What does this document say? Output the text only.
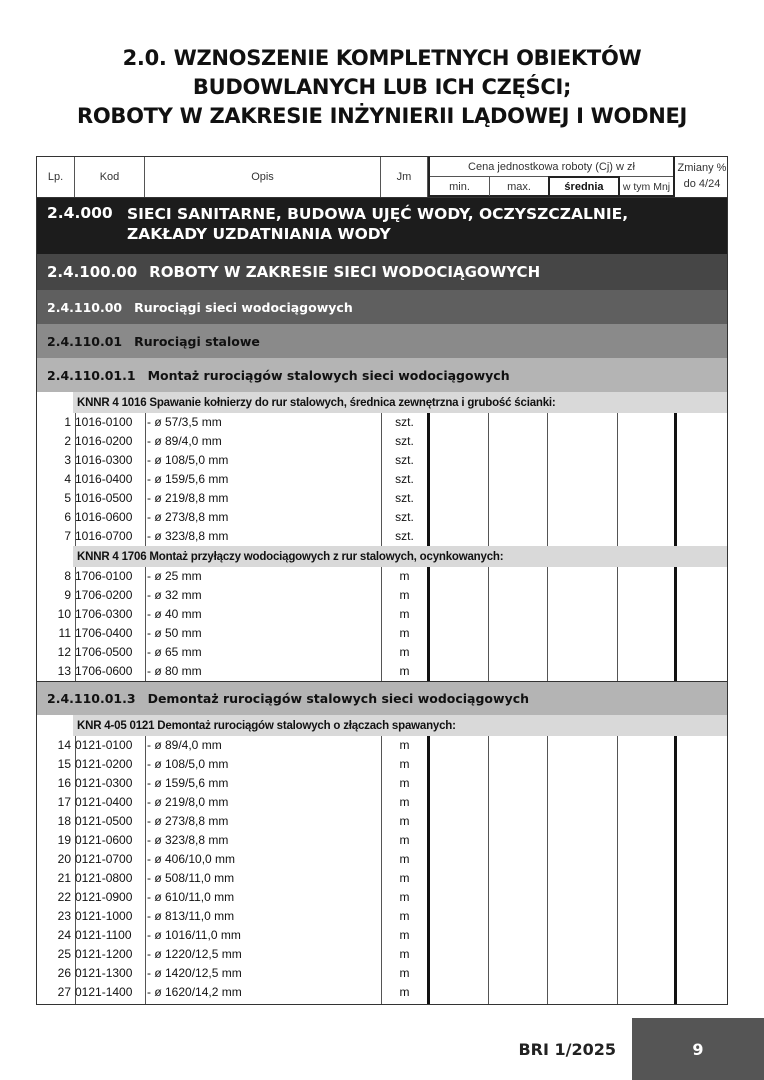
2.0. WZNOSZENIE KOMPLETNYCH OBIEKTÓW
BUDOWLANYCH LUB ICH CZĘŚCI;
ROBOTY W ZAKRESIE INŻYNIERII LĄDOWEJ I WODNEJ
Lp.	Kod	Opis	Jm
Cena jednostkowa roboty (Cj) w zł
min.	max.	średnia	w tym Mnj
Zmiany %
do 4/24
2.4.000 SIECI SANITARNE, BUDOWA UJĘĆ WODY, OCZYSZCZALNIE,
ZAKŁADY UZDATNIANIA WODY
2.4.100.00 ROBOTY W ZAKRESIE SIECI WODOCIĄGOWYCH
2.4.110.00 Rurociągi sieci wodociągowych
2.4.110.01 Rurociągi stalowe
2.4.110.01.1 Montaż rurociągów stalowych sieci wodociągowych
KNNR 4 1016 Spawanie kołnierzy do rur stalowych, średnica zewnętrzna i grubość ścianki:
1 1016-0100 - ø 57/3,5 mm	szt.
2 1016-0200 - ø 89/4,0 mm	szt.
3 1016-0300 - ø 108/5,0 mm	szt.
4 1016-0400 - ø 159/5,6 mm	szt.
5 1016-0500 - ø 219/8,8 mm	szt.
6 1016-0600 - ø 273/8,8 mm	szt.
7 1016-0700 - ø 323/8,8 mm	szt.
KNNR 4 1706 Montaż przyłączy wodociągowych z rur stalowych, ocynkowanych:
8 1706-0100 - ø 25 mm	m
9 1706-0200 - ø 32 mm	m
10 1706-0300 - ø 40 mm	m
11 1706-0400 - ø 50 mm	m
12 1706-0500 - ø 65 mm	m
13 1706-0600 - ø 80 mm	m
2.4.110.01.3 Demontaż rurociągów stalowych sieci wodociągowych
KNR 4-05 0121 Demontaż rurociągów stalowych o złączach spawanych:
14 0121-0100 - ø 89/4,0 mm	m
15 0121-0200 - ø 108/5,0 mm	m
16 0121-0300 - ø 159/5,6 mm	m
17 0121-0400 - ø 219/8,0 mm	m
18 0121-0500 - ø 273/8,8 mm	m
19 0121-0600 - ø 323/8,8 mm	m
20 0121-0700 - ø 406/10,0 mm	m
21 0121-0800 - ø 508/11,0 mm	m
22 0121-0900 - ø 610/11,0 mm	m
23 0121-1000 - ø 813/11,0 mm	m
24 0121-1100 - ø 1016/11,0 mm	m
25 0121-1200 - ø 1220/12,5 mm	m
26 0121-1300 - ø 1420/12,5 mm	m
27 0121-1400 - ø 1620/14,2 mm	m
BRI 1/2025	9
